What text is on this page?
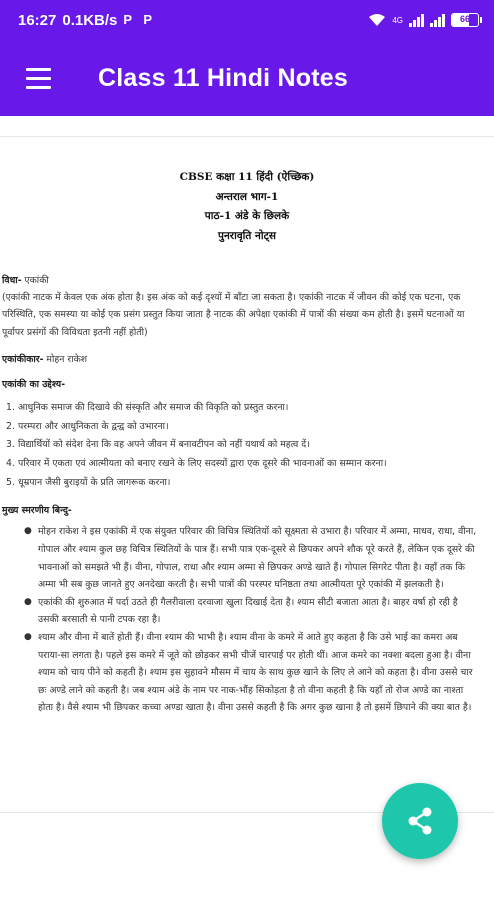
16:27 0.1KB/s P P	4G	66
Class 11 Hindi Notes
CBSE कक्षा 11 हिंदी (ऐच्छिक)
अन्तराल भाग-1
पाठ-1 अंडे के छिलके
पुनरावृति नोट्स
विधा- एकांकी
(एकांकी नाटक में केवल एक अंक होता है। इस अंक को कई दृश्यों में बाँटा जा सकता है। एकांकी नाटक में जीवन की कोई एक घटना, एक परिस्थिति, एक समस्या या कोई एक प्रसंग प्रस्तुत किया जाता है नाटक की अपेक्षा एकांकी में पात्रों की संख्या कम होती है। इसमें घटनाओं या पूर्वापर प्रसंगों की विविधता इतनी नहीं होती)
एकांकीकार- मोहन राकेश
एकांकी का उद्देश्य-
1. आधुनिक समाज की दिखावे की संस्कृति और समाज की विकृति को प्रस्तुत करना।
2. परम्परा और आधुनिकता के द्वन्द्व को उभारना।
3. विद्यार्थियों को संदेश देना कि वह अपने जीवन में बनावटीपन को नहीं यथार्थ को महत्व दें।
4. परिवार में एकता एवं आत्मीयता को बनाए रखने के लिए सदस्यों द्वारा एक दूसरे की भावनाओं का सम्मान करना।
5. धूम्रपान जैसी बुराइयों के प्रति जागरूक करना।
मुख्य स्मरणीय बिन्दु-
● मोहन राकेश ने इस एकांकी में एक संयुक्त परिवार की विचित्र स्थितियों को सूक्ष्मता से उभारा है। परिवार में अम्मा, माधव, राधा, वीना, गोपाल और श्याम कुल छह विचित्र स्थितियों के पात्र हैं। सभी पात्र एक-दूसरे से छिपकर अपने शौक पूरे करते हैं, लेकिन एक दूसरे की भावनाओं को समझते भी हैं। वीना, गोपाल, राधा और श्याम अम्मा से छिपकर अण्डे खाते हैं। गोपाल सिगरेट पीता है। वहाँ तक कि अम्मा भी सब कुछ जानते हुए अनदेखा करती है। सभी पात्रों की परस्पर घनिष्ठता तथा आत्मीयता पूरे एकांकी में झलकती है।
● एकांकी की शुरुआत में पर्दा उठते ही गैलरीवाला दरवाजा खुला दिखाई देता है। श्याम सीटी बजाता आता है। बाहर वर्षा हो रही है उसकी बरसाती से पानी टपक रहा है।
● श्याम और वीना में बातें होती हैं। वीना श्याम की भाभी है। श्याम वीना के कमरे में आते हुए कहता है कि उसे भाई का कमरा अब पराया-सा लगता है। पहले इस कमरे में जूते को छोड़कर सभी चीजें चारपाई पर होती थीं। आज कमरे का नक्शा बदला हुआ है। वीना श्याम को चाय पीने को कहती है। श्याम इस सुहावने मौसम में चाय के साथ कुछ खाने के लिए ले आने को कहता है। वीना उससे चार छः अण्डे लाने को कहती है। जब श्याम अंडे के नाम पर नाक-भौंह सिकोड़ता है तो वीना कहती है कि यहाँ तो रोज अण्डे का नाश्ता होता है। वैसे श्याम भी छिपकर कच्चा अण्डा खाता है। वीना उससे कहती है कि अगर कुछ खाना है तो इसमें छिपाने की क्या बात है।
